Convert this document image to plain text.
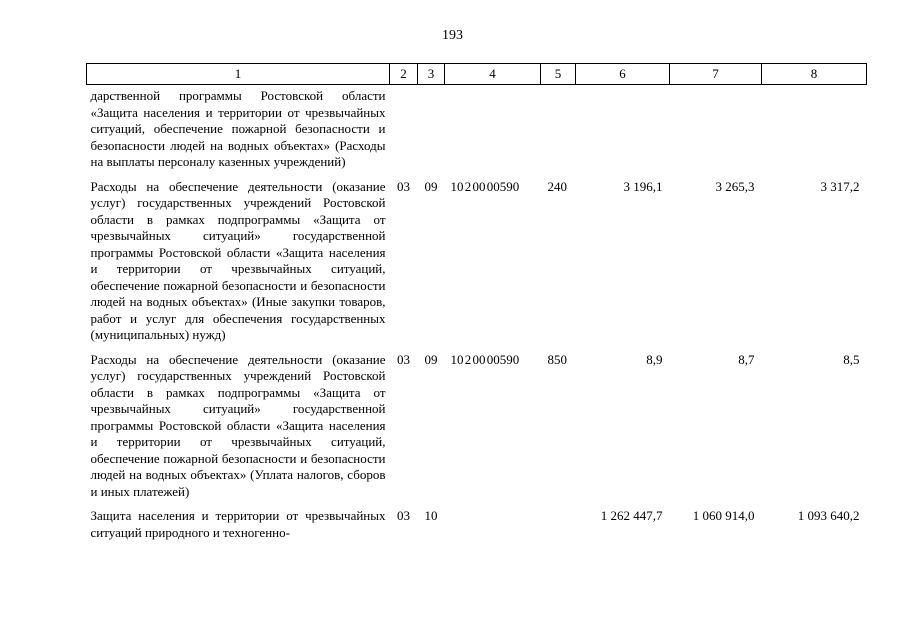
193
1	2	3	4	5	6	7	8
дарственной программы Ростовской области «Защита населения и территории от чрезвычайных ситуаций, обеспечение пожарной безопасности и безопасности людей на водных объектах» (Расходы на выплаты персоналу казенных учреждений)							
Расходы на обеспечение деятельности (оказание услуг) государственных учреждений Ростовской области в рамках подпрограммы «Защита от чрезвычайных ситуаций» государственной программы Ростовской области «Защита населения и территории от чрезвычайных ситуаций, обеспечение пожарной безопасности и безопасности людей на водных объектах» (Иные закупки товаров, работ и услуг для обеспечения государственных (муниципальных) нужд)	03	09	10 2 00 00590	240	3 196,1	3 265,3	3 317,2
Расходы на обеспечение деятельности (оказание услуг) государственных учреждений Ростовской области в рамках подпрограммы «Защита от чрезвычайных ситуаций» государственной программы Ростовской области «Защита населения и территории от чрезвычайных ситуаций, обеспечение пожарной безопасности и безопасности людей на водных объектах» (Уплата налогов, сборов и иных платежей)	03	09	10 2 00 00590	850	8,9	8,7	8,5
Защита населения и территории от чрезвычайных ситуаций природного и техногенно-	03	10			1 262 447,7	1 060 914,0	1 093 640,2
